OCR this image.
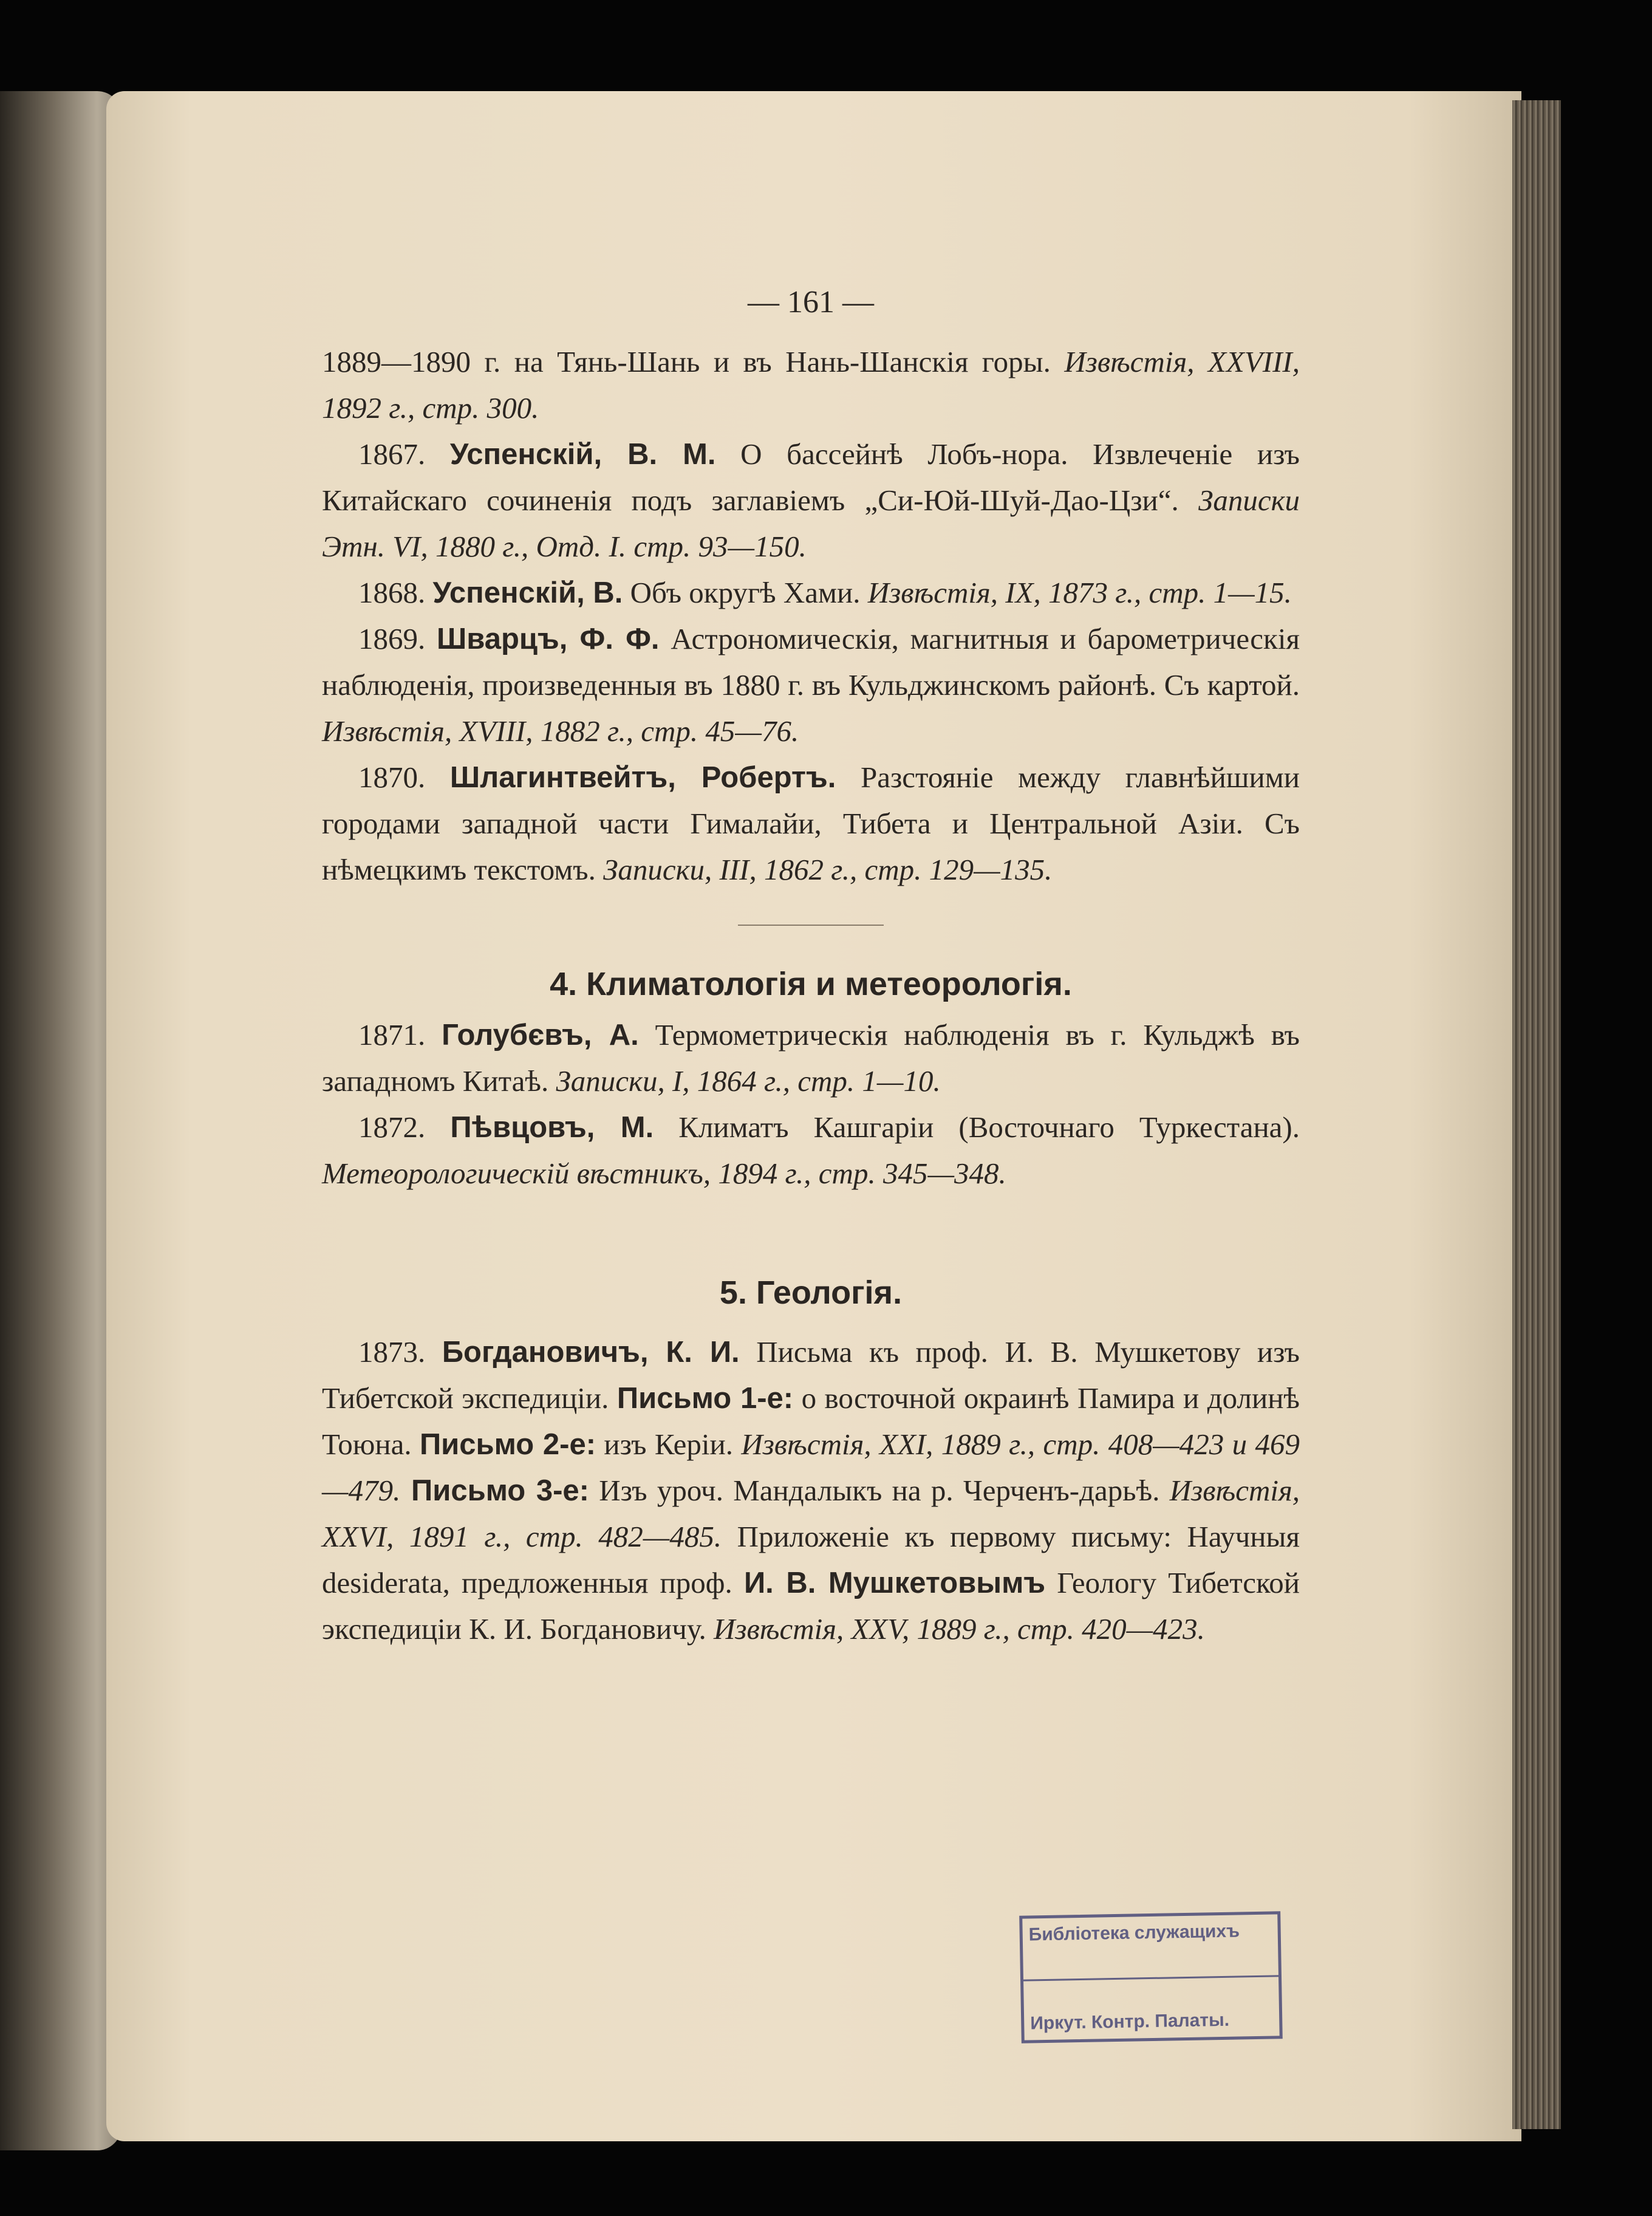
— 161 —

1889—1890 г. на Тянь-Шань и въ Нань-Шанскія горы. Извѣстія, XXVIII, 1892 г., стр. 300.

1867. Успенскій, В. М. О бассейнѣ Лобъ-нора. Извлеченіе изъ Китайскаго сочиненія подъ заглавіемъ „Си-Юй-Шуй-Дао-Цзи“. Записки Этн. VI, 1880 г., Отд. I. стр. 93—150.

1868. Успенскій, В. Объ округѣ Хами. Извѣстія, IX, 1873 г., стр. 1—15.

1869. Шварцъ, Ф. Ф. Астрономическія, магнитныя и барометрическія наблюденія, произведенныя въ 1880 г. въ Кульджинскомъ районѣ. Съ картой. Извѣстія, XVIII, 1882 г., стр. 45—76.

1870. Шлагинтвейтъ, Робертъ. Разстояніе между главнѣйшими городами западной части Гималайи, Тибета и Центральной Азіи. Съ нѣмецкимъ текстомъ. Записки, III, 1862 г., стр. 129—135.

4. Климатологія и метеорологія.

1871. Голубєвъ, А. Термометрическія наблюденія въ г. Кульджѣ въ западномъ Китаѣ. Записки, I, 1864 г., стр. 1—10.

1872. Пѣвцовъ, М. Климатъ Кашгаріи (Восточнаго Туркестана). Метеорологическій вѣстникъ, 1894 г., стр. 345—348.

5. Геологія.

1873. Богдановичъ, К. И. Письма къ проф. И. В. Мушкетову изъ Тибетской экспедиціи. Письмо 1-е: о восточной окраинѣ Памира и долинѣ Тоюна. Письмо 2-е: изъ Керіи. Извѣстія, XXI, 1889 г., стр. 408—423 и 469—479. Письмо 3-е: Изъ уроч. Мандалыкъ на р. Черченъ-дарьѣ. Извѣстія, XXVI, 1891 г., стр. 482—485. Приложеніе къ первому письму: Научныя desiderata, предложенныя проф. И. В. Мушкетовымъ Геологу Тибетской экспедиціи К. И. Богдановичу. Извѣстія, XXV, 1889 г., стр. 420—423.

Библіотека служащихъ
Иркут. Контр. Палаты.
